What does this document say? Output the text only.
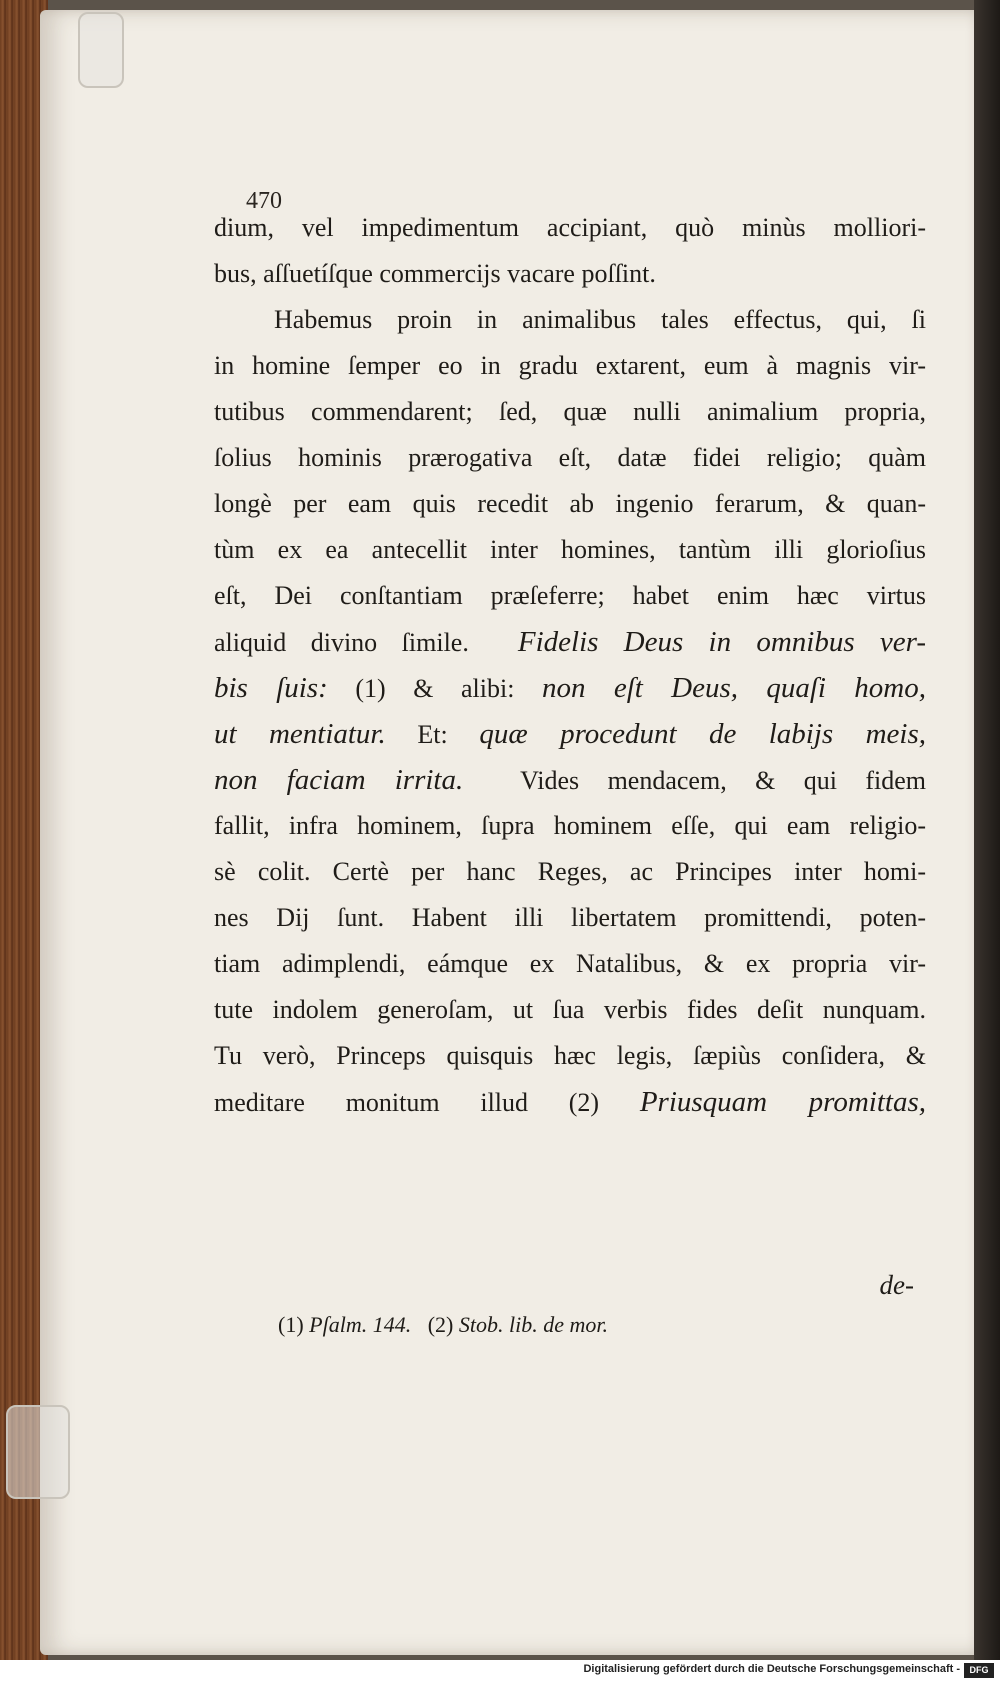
470
dium, vel impedimentum accipiant, quò minùs molliori-
bus, aſſuetíſque commercijs vacare poſſint.
Habemus proin in animalibus tales effectus, qui, ſi
in homine ſemper eo in gradu extarent, eum à magnis vir-
tutibus commendarent; ſed, quæ nulli animalium propria,
ſolius hominis prærogativa eſt, datæ fidei religio; quàm
longè per eam quis recedit ab ingenio ferarum, & quan-
tùm ex ea antecellit inter homines, tantùm illi glorioſius
eſt, Dei conſtantiam præſeferre; habet enim hæc virtus
aliquid divino ſimile. Fidelis Deus in omnibus ver-
bis ſuis: (1) & alibi: non eſt Deus, quaſi homo,
ut mentiatur. Et: quæ procedunt de labijs meis,
non faciam irrita. Vides mendacem, & qui fidem
fallit, infra hominem, ſupra hominem eſſe, qui eam religio-
sè colit. Certè per hanc Reges, ac Principes inter homi-
nes Dij ſunt. Habent illi libertatem promittendi, poten-
tiam adimplendi, eámque ex Natalibus, & ex propria vir-
tute indolem generoſam, ut ſua verbis fides deſit nunquam.
Tu verò, Princeps quisquis hæc legis, ſæpiùs conſidera, &
meditare monitum illud (2) Priusquam promittas,
de-
(1) Pſalm. 144. (2) Stob. lib. de mor.
Digitalisierung gefördert durch die Deutsche Forschungsgemeinschaft -	DFG
